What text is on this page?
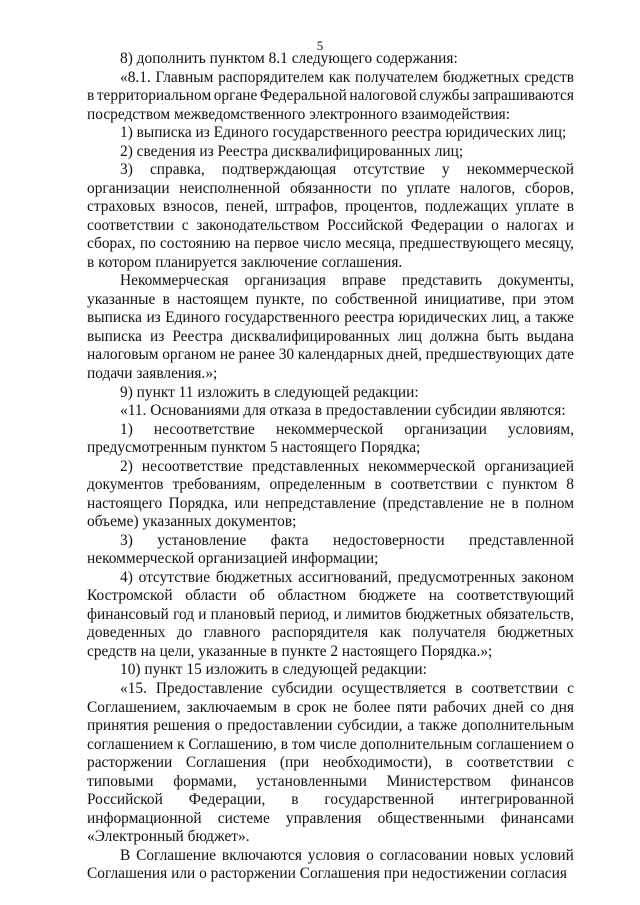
5
8) дополнить пунктом 8.1 следующего содержания:
«8.1. Главным распорядителем как получателем бюджетных средств
в территориальном органе Федеральной налоговой службы запрашиваются
посредством межведомственного электронного взаимодействия:
1) выписка из Единого государственного реестра юридических лиц;
2) сведения из Реестра дисквалифицированных лиц;
3) справка, подтверждающая отсутствие у некоммерческой
организации неисполненной обязанности по уплате налогов, сборов,
страховых взносов, пеней, штрафов, процентов, подлежащих уплате в
соответствии с законодательством Российской Федерации о налогах и
сборах, по состоянию на первое число месяца, предшествующего месяцу,
в котором планируется заключение соглашения.
Некоммерческая организация вправе представить документы,
указанные в настоящем пункте, по собственной инициативе, при этом
выписка из Единого государственного реестра юридических лиц, а также
выписка из Реестра дисквалифицированных лиц должна быть выдана
налоговым органом не ранее 30 календарных дней, предшествующих дате
подачи заявления.»;
9) пункт 11 изложить в следующей редакции:
«11. Основаниями для отказа в предоставлении субсидии являются:
1) несоответствие некоммерческой организации условиям,
предусмотренным пунктом 5 настоящего Порядка;
2) несоответствие представленных некоммерческой организацией
документов требованиям, определенным в соответствии с пунктом 8
настоящего Порядка, или непредставление (представление не в полном
объеме) указанных документов;
3) установление факта недостоверности представленной
некоммерческой организацией информации;
4) отсутствие бюджетных ассигнований, предусмотренных законом
Костромской области об областном бюджете на соответствующий
финансовый год и плановый период, и лимитов бюджетных обязательств,
доведенных до главного распорядителя как получателя бюджетных
средств на цели, указанные в пункте 2 настоящего Порядка.»;
10) пункт 15 изложить в следующей редакции:
«15. Предоставление субсидии осуществляется в соответствии с
Соглашением, заключаемым в срок не более пяти рабочих дней со дня
принятия решения о предоставлении субсидии, а также дополнительным
соглашением к Соглашению, в том числе дополнительным соглашением о
расторжении Соглашения (при необходимости), в соответствии с
типовыми формами, установленными Министерством финансов
Российской Федерации, в государственной интегрированной
информационной системе управления общественными финансами
«Электронный бюджет».
В Соглашение включаются условия о согласовании новых условий
Соглашения или о расторжении Соглашения при недостижении согласия
